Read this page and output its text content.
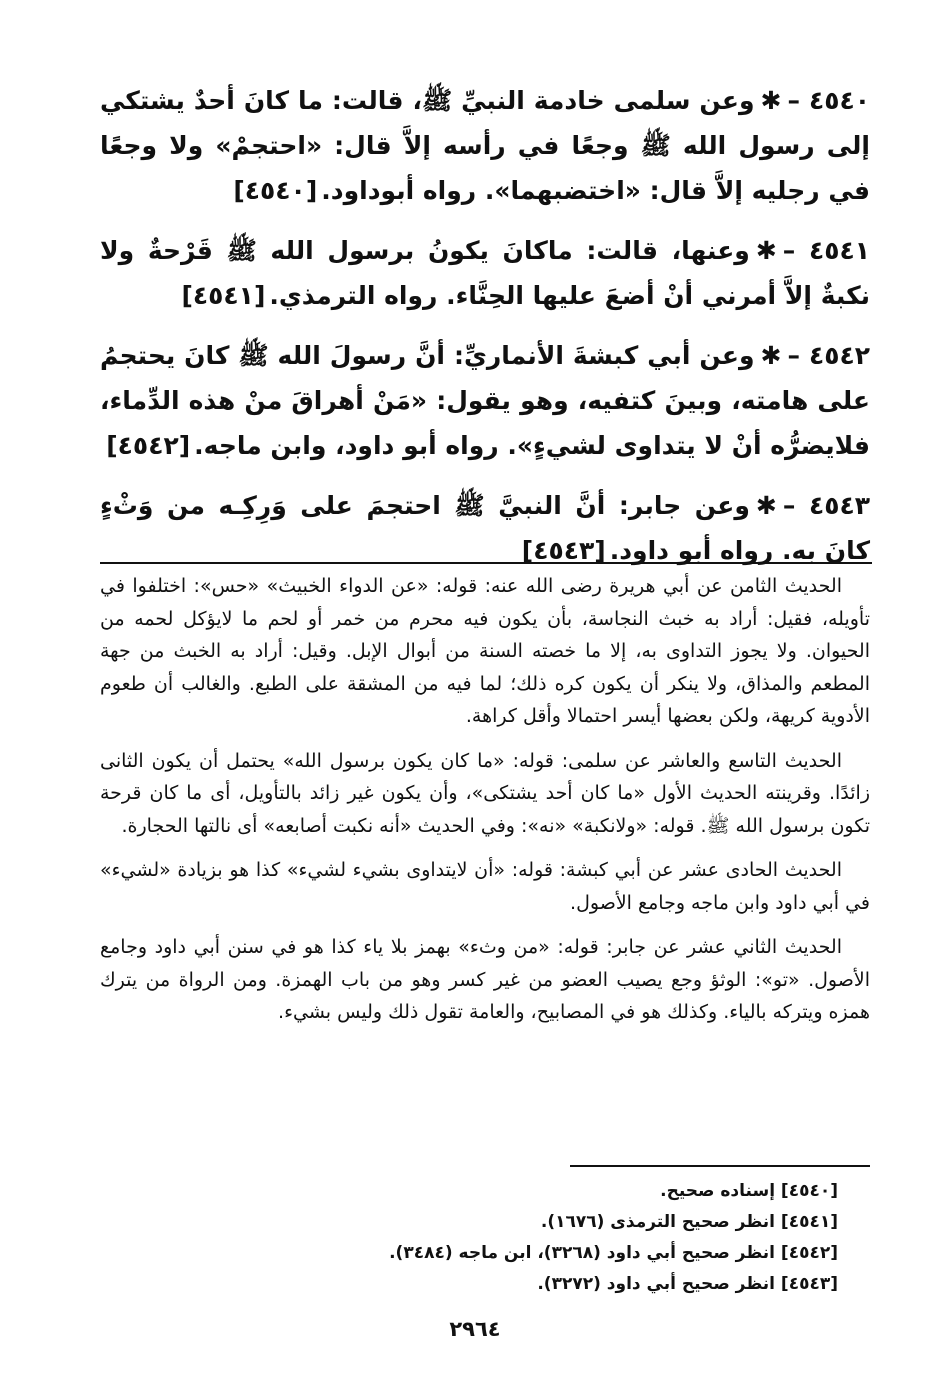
٤٥٤٠ –✱وعن سلمى خادمة النبيِّ ﷺ، قالت: ما كانَ أحدٌ يشتكي إلى رسول الله ﷺ وجعًا في رأسه إلاَّ قال: «احتجمْ» ولا وجعًا في رجليه إلاَّ قال: «اختضبهما». رواه أبوداود.[٤٥٤٠]

٤٥٤١ –✱وعنها، قالت: ماكانَ يكونُ برسول الله ﷺ قَرْحةٌ ولا نكبةٌ إلاَّ أمرني أنْ أضعَ عليها الحِنَّاء. رواه الترمذي.[٤٥٤١]

٤٥٤٢ –✱وعن أبي كبشةَ الأنماريِّ: أنَّ رسولَ الله ﷺ كانَ يحتجمُ على هامته، وبينَ كتفيه، وهو يقول: «مَنْ أهراقَ منْ هذه الدِّماء، فلايضرُّه أنْ لا يتداوى لشيءٍ». رواه أبو داود، وابن ماجه.[٤٥٤٢]

٤٥٤٣ –✱وعن جابر: أنَّ النبيَّ ﷺ احتجمَ على وَرِكِـه من وَثْءٍ كانَ به. رواه أبو داود.[٤٥٤٣]

الحديث الثامن عن أبي هريرة رضى الله عنه: قوله: «عن الدواء الخبيث» «حس»: اختلفوا في تأويله، فقيل: أراد به خبث النجاسة، بأن يكون فيه محرم من خمر أو لحم ما لايؤكل لحمه من الحيوان. ولا يجوز التداوى به، إلا ما خصته السنة من أبوال الإبل. وقيل: أراد به الخبث من جهة المطعم والمذاق، ولا ينكر أن يكون كره ذلك؛ لما فيه من المشقة على الطبع. والغالب أن طعوم الأدوية كريهة، ولكن بعضها أيسر احتمالا وأقل كراهة.

الحديث التاسع والعاشر عن سلمى: قوله: «ما كان يكون برسول الله» يحتمل أن يكون الثانى زائدًا. وقرينته الحديث الأول «ما كان أحد يشتكى»، وأن يكون غير زائد بالتأويل، أى ما كان قرحة تكون برسول الله ﷺ. قوله: «ولانكبة» «نه»: وفي الحديث «أنه نكبت أصابعه» أى نالتها الحجارة.

الحديث الحادى عشر عن أبي كبشة: قوله: «أن لايتداوى بشيء لشيء» كذا هو بزيادة «لشيء» في أبي داود وابن ماجه وجامع الأصول.

الحديث الثاني عشر عن جابر: قوله: «من وثء» بهمز بلا ياء كذا هو في سنن أبي داود وجامع الأصول. «تو»: الوثؤ وجع يصيب العضو من غير كسر وهو من باب الهمزة. ومن الرواة من يترك همزه ويتركه بالياء. وكذلك هو في المصابيح، والعامة تقول ذلك وليس بشيء.

[٤٥٤٠] إسناده صحيح.

[٤٥٤١] انظر صحيح الترمذى (١٦٧٦).

[٤٥٤٢] انظر صحيح أبي داود (٣٢٦٨)، ابن ماجه (٣٤٨٤).

[٤٥٤٣] انظر صحيح أبي داود (٣٢٧٢).

٢٩٦٤
